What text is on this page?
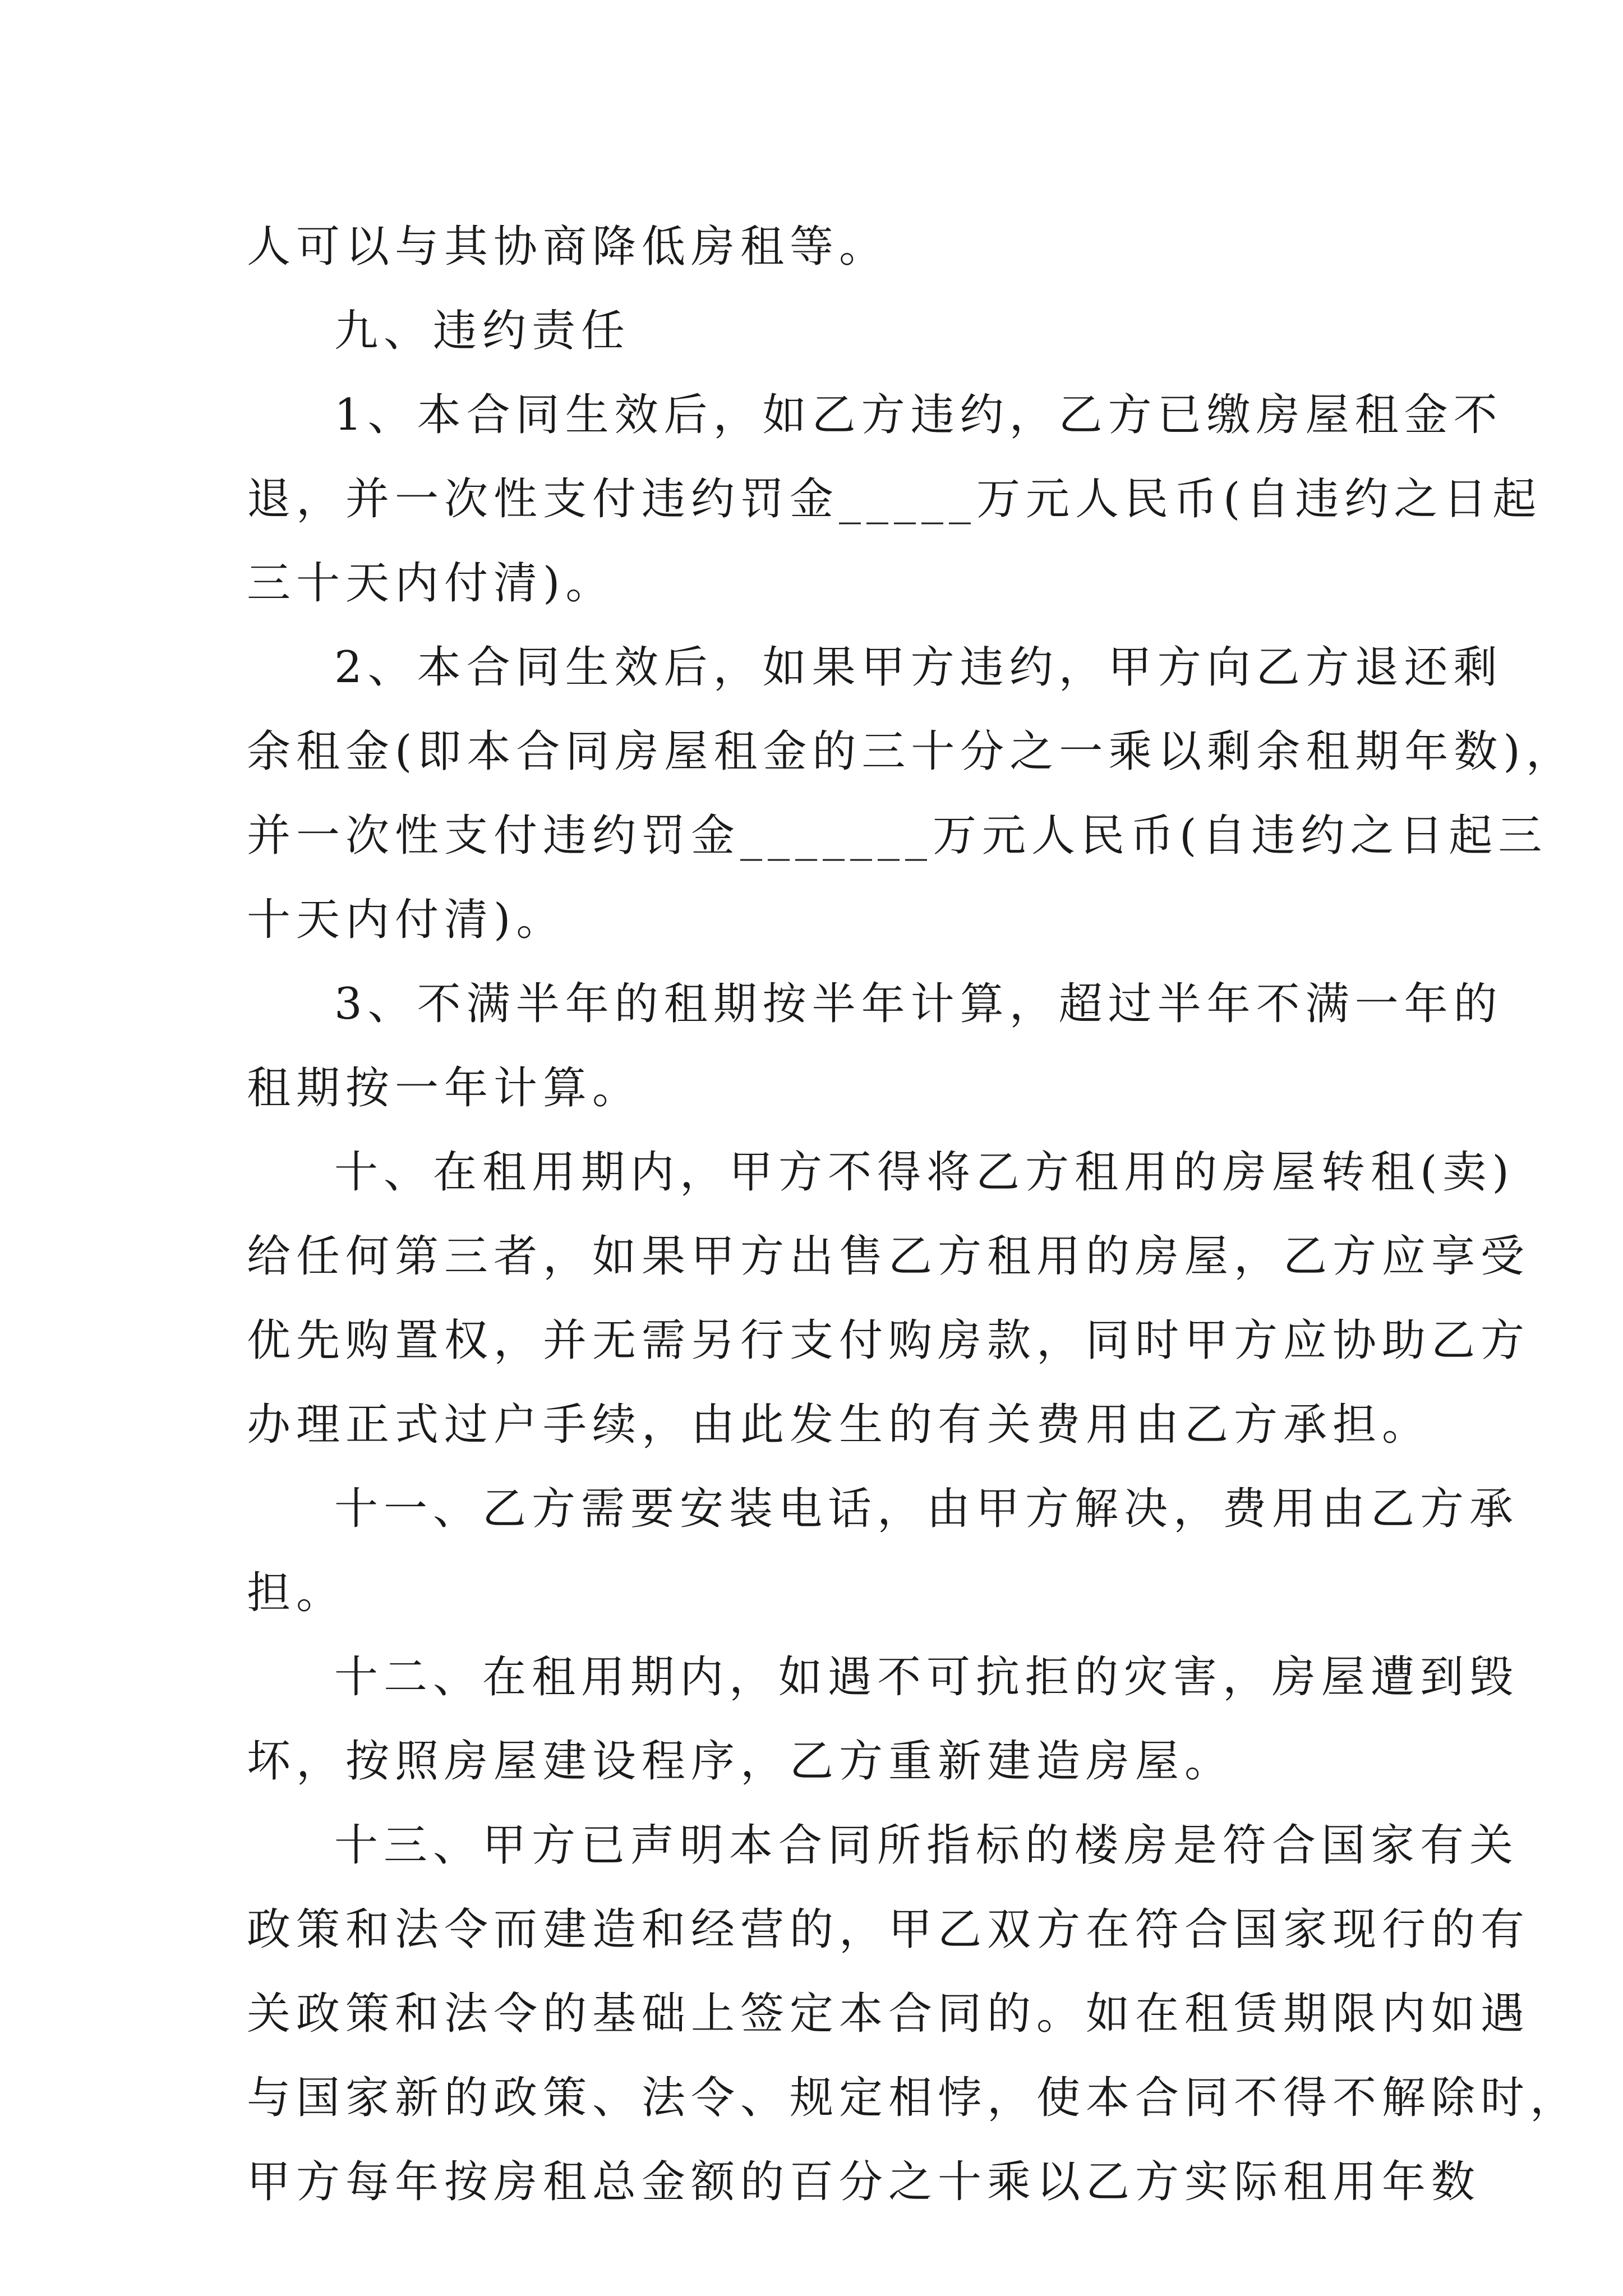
人可以与其协商降低房租等。
九、违约责任
1、本合同生效后，如乙方违约，乙方已缴房屋租金不
退，并一次性支付违约罚金_____万元人民币(自违约之日起
三十天内付清)。
2、本合同生效后，如果甲方违约，甲方向乙方退还剩
余租金(即本合同房屋租金的三十分之一乘以剩余租期年数)，
并一次性支付违约罚金_______万元人民币(自违约之日起三
十天内付清)。
3、不满半年的租期按半年计算，超过半年不满一年的
租期按一年计算。
十、在租用期内，甲方不得将乙方租用的房屋转租(卖)
给任何第三者，如果甲方出售乙方租用的房屋，乙方应享受
优先购置权，并无需另行支付购房款，同时甲方应协助乙方
办理正式过户手续，由此发生的有关费用由乙方承担。
十一、乙方需要安装电话，由甲方解决，费用由乙方承
担。
十二、在租用期内，如遇不可抗拒的灾害，房屋遭到毁
坏，按照房屋建设程序，乙方重新建造房屋。
十三、甲方已声明本合同所指标的楼房是符合国家有关
政策和法令而建造和经营的，甲乙双方在符合国家现行的有
关政策和法令的基础上签定本合同的。如在租赁期限内如遇
与国家新的政策、法令、规定相悖，使本合同不得不解除时，
甲方每年按房租总金额的百分之十乘以乙方实际租用年数
